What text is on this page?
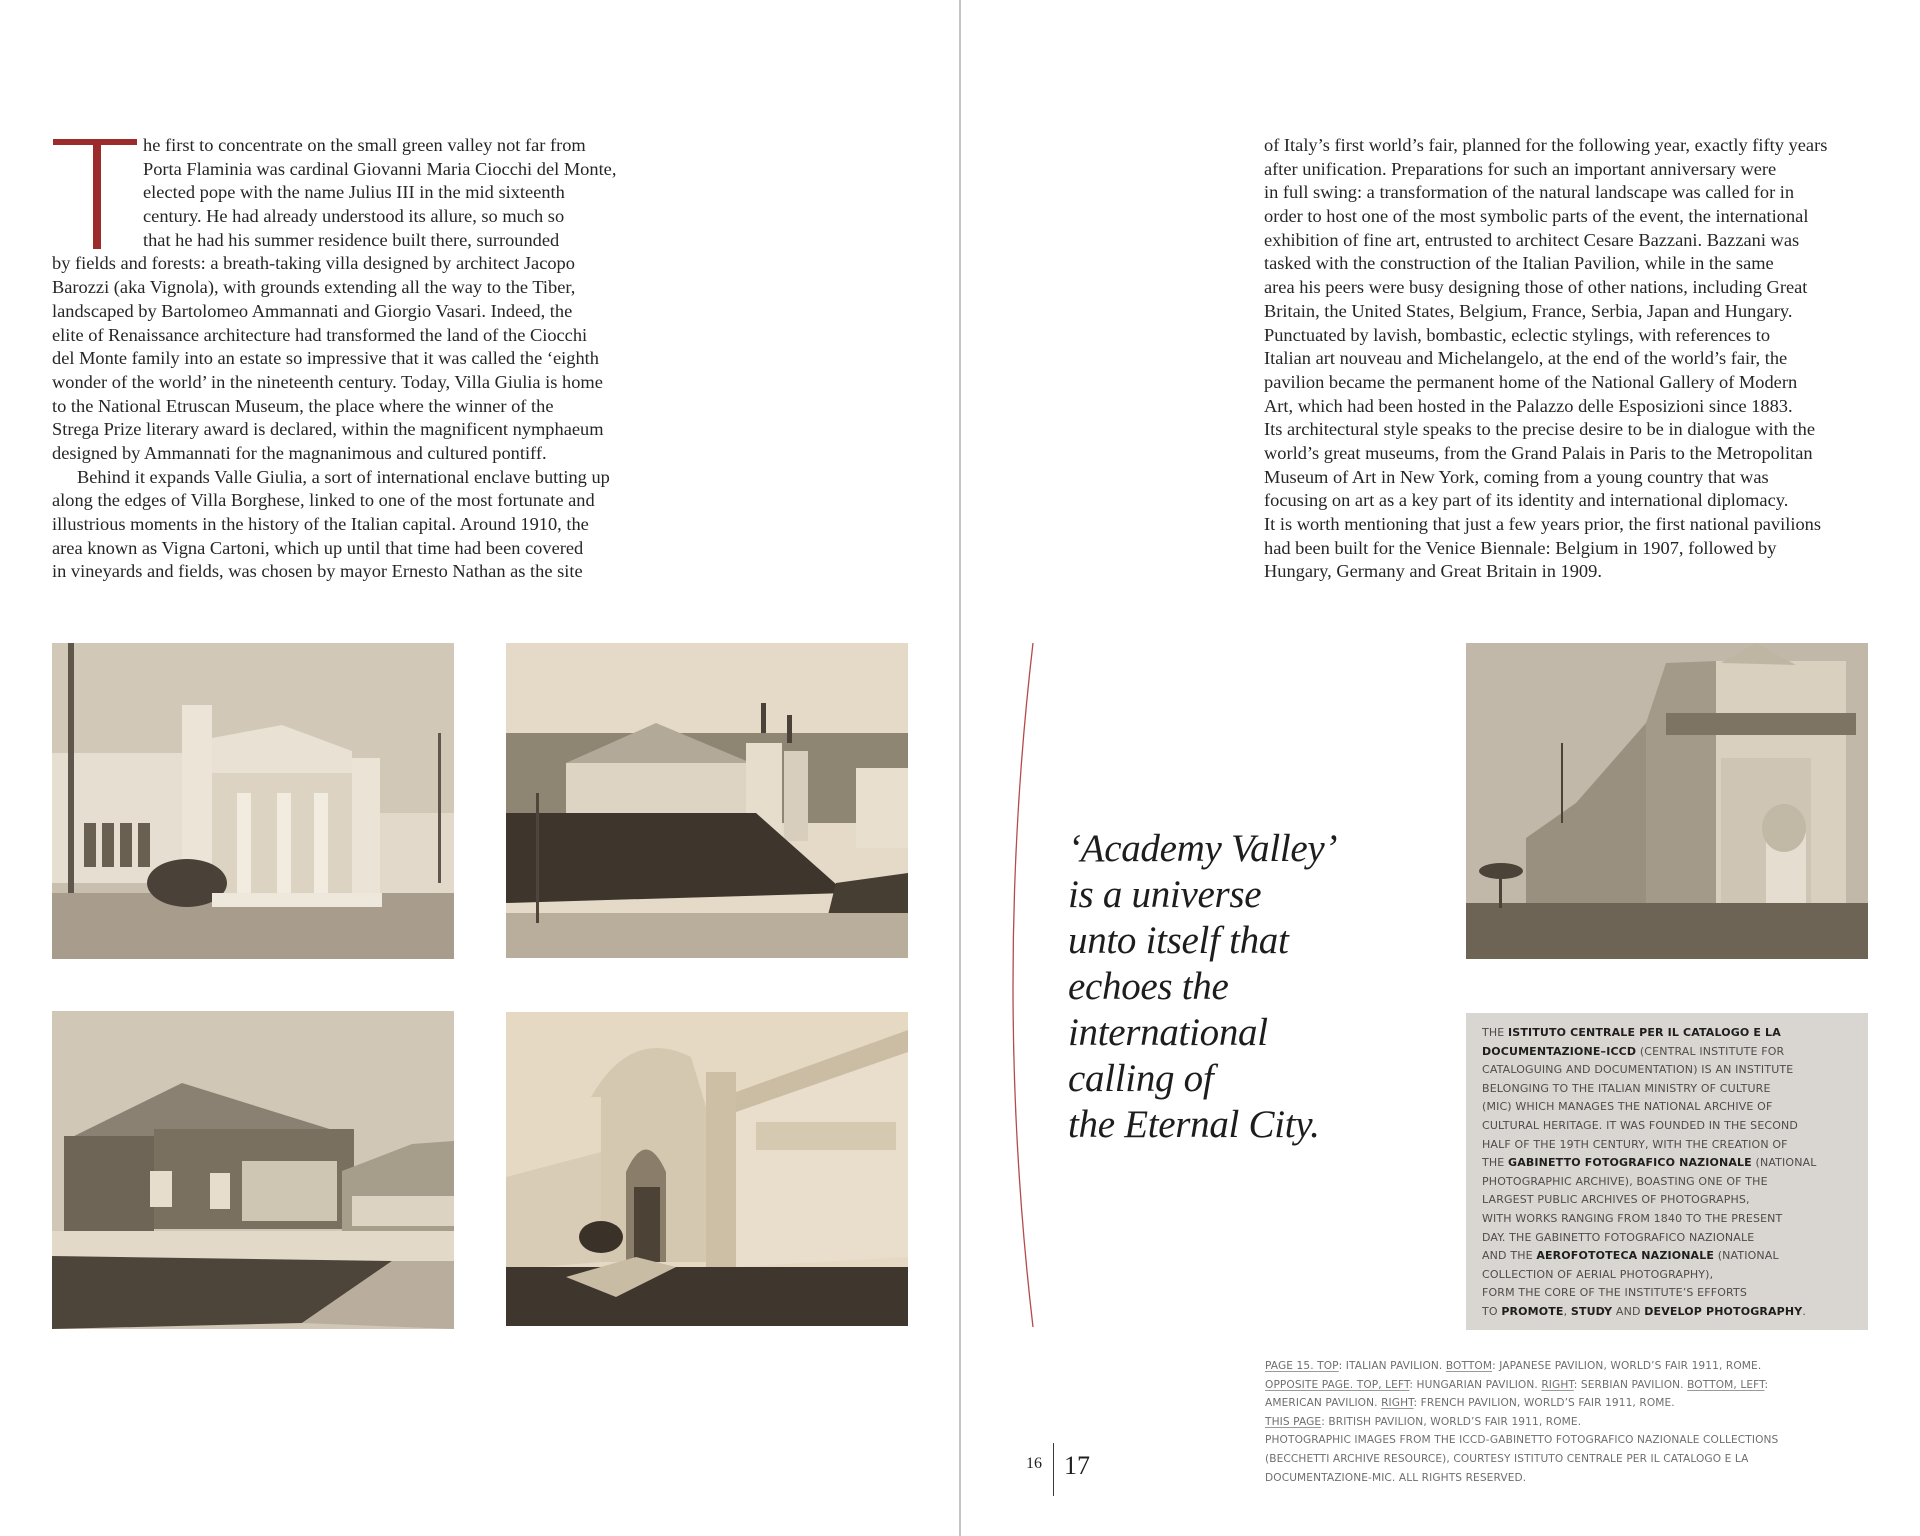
he first to concentrate on the small green valley not far from
Porta Flaminia was cardinal Giovanni Maria Ciocchi del Monte,
elected pope with the name Julius III in the mid sixteenth
century. He had already understood its allure, so much so
that he had his summer residence built there, surrounded
by fields and forests: a breath-taking villa designed by architect Jacopo
Barozzi (aka Vignola), with grounds extending all the way to the Tiber,
landscaped by Bartolomeo Ammannati and Giorgio Vasari. Indeed, the
elite of Renaissance architecture had transformed the land of the Ciocchi
del Monte family into an estate so impressive that it was called the ‘eighth
wonder of the world’ in the nineteenth century. Today, Villa Giulia is home
to the National Etruscan Museum, the place where the winner of the
Strega Prize literary award is declared, within the magnificent nymphaeum
designed by Ammannati for the magnanimous and cultured pontiff.
Behind it expands Valle Giulia, a sort of international enclave butting up
along the edges of Villa Borghese, linked to one of the most fortunate and
illustrious moments in the history of the Italian capital. Around 1910, the
area known as Vigna Cartoni, which up until that time had been covered
in vineyards and fields, was chosen by mayor Ernesto Nathan as the site
of Italy’s first world’s fair, planned for the following year, exactly fifty years
after unification. Preparations for such an important anniversary were
in full swing: a transformation of the natural landscape was called for in
order to host one of the most symbolic parts of the event, the international
exhibition of fine art, entrusted to architect Cesare Bazzani. Bazzani was
tasked with the construction of the Italian Pavilion, while in the same
area his peers were busy designing those of other nations, including Great
Britain, the United States, Belgium, France, Serbia, Japan and Hungary.
Punctuated by lavish, bombastic, eclectic stylings, with references to
Italian art nouveau and Michelangelo, at the end of the world’s fair, the
pavilion became the permanent home of the National Gallery of Modern
Art, which had been hosted in the Palazzo delle Esposizioni since 1883.
Its architectural style speaks to the precise desire to be in dialogue with the
world’s great museums, from the Grand Palais in Paris to the Metropolitan
Museum of Art in New York, coming from a young country that was
focusing on art as a key part of its identity and international diplomacy.
It is worth mentioning that just a few years prior, the first national pavilions
had been built for the Venice Biennale: Belgium in 1907, followed by
Hungary, Germany and Great Britain in 1909.
‘Academy Valley’
is a universe
unto itself that
echoes the
international
calling of
the Eternal City.
THE ISTITUTO CENTRALE PER IL CATALOGO E LA
DOCUMENTAZIONE–ICCD (CENTRAL INSTITUTE FOR
CATALOGUING AND DOCUMENTATION) IS AN INSTITUTE
BELONGING TO THE ITALIAN MINISTRY OF CULTURE
(MIC) WHICH MANAGES THE NATIONAL ARCHIVE OF
CULTURAL HERITAGE. IT WAS FOUNDED IN THE SECOND
HALF OF THE 19TH CENTURY, WITH THE CREATION OF
THE GABINETTO FOTOGRAFICO NAZIONALE (NATIONAL
PHOTOGRAPHIC ARCHIVE), BOASTING ONE OF THE
LARGEST PUBLIC ARCHIVES OF PHOTOGRAPHS,
WITH WORKS RANGING FROM 1840 TO THE PRESENT
DAY. THE GABINETTO FOTOGRAFICO NAZIONALE
AND THE AEROFOTOTECA NAZIONALE (NATIONAL
COLLECTION OF AERIAL PHOTOGRAPHY),
FORM THE CORE OF THE INSTITUTE’S EFFORTS
TO PROMOTE, STUDY AND DEVELOP PHOTOGRAPHY.
PAGE 15. TOP: ITALIAN PAVILION. BOTTOM: JAPANESE PAVILION, WORLD’S FAIR 1911, ROME.
OPPOSITE PAGE. TOP, LEFT: HUNGARIAN PAVILION. RIGHT: SERBIAN PAVILION. BOTTOM, LEFT:
AMERICAN PAVILION. RIGHT: FRENCH PAVILION, WORLD’S FAIR 1911, ROME.
THIS PAGE: BRITISH PAVILION, WORLD’S FAIR 1911, ROME.
PHOTOGRAPHIC IMAGES FROM THE ICCD-GABINETTO FOTOGRAFICO NAZIONALE COLLECTIONS
(BECCHETTI ARCHIVE RESOURCE), COURTESY ISTITUTO CENTRALE PER IL CATALOGO E LA
DOCUMENTAZIONE-MIC. ALL RIGHTS RESERVED.
16 17
